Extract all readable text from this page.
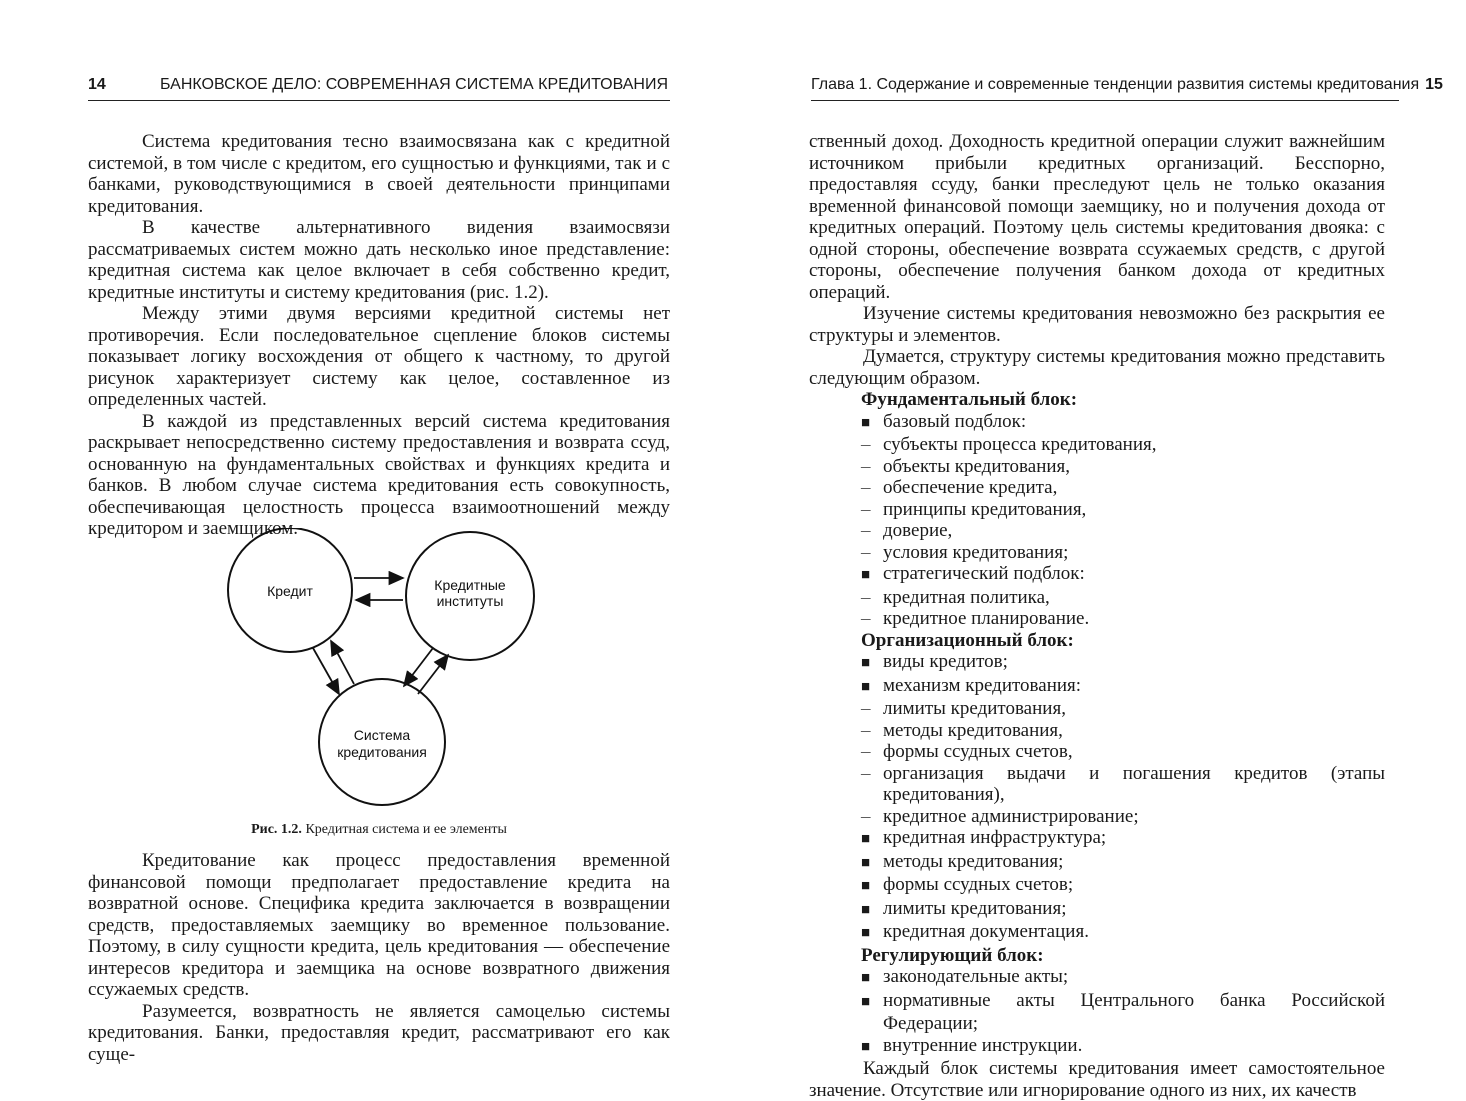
14	БАНКОВСКОЕ ДЕЛО: СОВРЕМЕННАЯ СИСТЕМА КРЕДИТОВАНИЯ

Система кредитования тесно взаимосвязана как с кредитной системой, в том числе с кредитом, его сущностью и функциями, так и с банками, руководствующимися в своей деятельности принципами кредитования.

В качестве альтернативного видения взаимосвязи рассматриваемых систем можно дать несколько иное представление: кредитная система как целое включает в себя собственно кредит, кредитные институты и систему кредитования (рис. 1.2).

Между этими двумя версиями кредитной системы нет противоречия. Если последовательное сцепление блоков системы показывает логику восхождения от общего к частному, то другой рисунок характеризует систему как целое, составленное из определенных частей.

В каждой из представленных версий система кредитования раскрывает непосредственно систему предоставления и возврата ссуд, основанную на фундаментальных свойствах и функциях кредита и банков. В любом случае система кредитования есть совокупность, обеспечивающая целостность процесса взаимоотношений между кредитором и заемщиком.

Кредит	Кредитные
институты
Система
кредитования
Рис. 1.2. Кредитная система и ее элементы

Кредитование как процесс предоставления временной финансовой помощи предполагает предоставление кредита на возвратной основе. Специфика кредита заключается в возвращении средств, предоставляемых заемщику во временное пользование. Поэтому, в силу сущности кредита, цель кредитования — обеспечение интересов кредитора и заемщика на основе возвратного движения ссужаемых средств.

Разумеется, возвратность не является самоцелью системы кредитования. Банки, предоставляя кредит, рассматривают его как суще-

Глава 1. Содержание и современные тенденции развития системы кредитования 15

ственный доход. Доходность кредитной операции служит важнейшим источником прибыли кредитных организаций. Бесспорно, предоставляя ссуду, банки преследуют цель не только оказания временной финансовой помощи заемщику, но и получения дохода от кредитных операций. Поэтому цель системы кредитования двояка: с одной стороны, обеспечение возврата ссужаемых средств, с другой стороны, обеспечение получения банком дохода от кредитных операций.

Изучение системы кредитования невозможно без раскрытия ее структуры и элементов.

Думается, структуру системы кредитования можно представить следующим образом.

Фундаментальный блок:
■ базовый подблок:
– субъекты процесса кредитования,
– объекты кредитования,
– обеспечение кредита,
– принципы кредитования,
– доверие,
– условия кредитования;
■ стратегический подблок:
– кредитная политика,
– кредитное планирование.
Организационный блок:
■ виды кредитов;
■ механизм кредитования:
– лимиты кредитования,
– методы кредитования,
– формы ссудных счетов,
– организация выдачи и погашения кредитов (этапы кредитования),
– кредитное администрирование;
■ кредитная инфраструктура;
■ методы кредитования;
■ формы ссудных счетов;
■ лимиты кредитования;
■ кредитная документация.
Регулирующий блок:
■ законодательные акты;
■ нормативные акты Центрального банка Российской Федерации;
■ внутренние инструкции.

Каждый блок системы кредитования имеет самостоятельное значение. Отсутствие или игнорирование одного из них, их качеств
